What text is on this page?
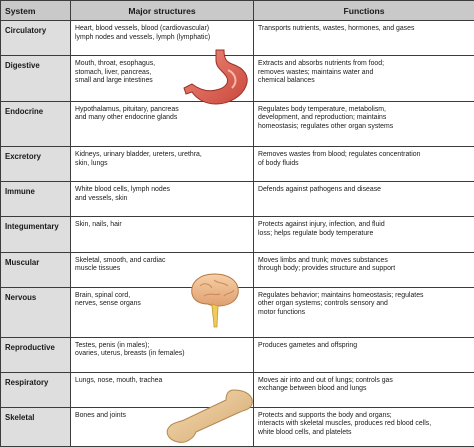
System	Major structures	Functions

Circulatory	Heart, blood vessels, blood (cardiovascular)
lymph nodes and vessels, lymph (lymphatic)	Transports nutrients, wastes, hormones, and gases

Digestive	Mouth, throat, esophagus,
stomach, liver, pancreas,
small and large intestines	Extracts and absorbs nutrients from food;
removes wastes; maintains water and
chemical balances

Endocrine	Hypothalamus, pituitary, pancreas
and many other endocrine glands	Regulates body temperature, metabolism,
development, and reproduction; maintains
homeostasis; regulates other organ systems

Excretory	Kidneys, urinary bladder, ureters, urethra,
skin, lungs	Removes wastes from blood; regulates concentration
of body fluids

Immune	White blood cells, lymph nodes
and vessels, skin	Defends against pathogens and disease

Integumentary	Skin, nails, hair	Protects against injury, infection, and fluid
loss; helps regulate body temperature

Muscular	Skeletal, smooth, and cardiac
muscle tissues	Moves limbs and trunk; moves substances
through body; provides structure and support

Nervous	Brain, spinal cord,
nerves, sense organs	Regulates behavior; maintains homeostasis; regulates
other organ systems; controls sensory and
motor functions

Reproductive	Testes, penis (in males);
ovaries, uterus, breasts (in females)	Produces gametes and offspring

Respiratory	Lungs, nose, mouth, trachea	Moves air into and out of lungs; controls gas
exchange between blood and lungs

Skeletal	Bones and joints	Protects and supports the body and organs;
interacts with skeletal muscles, produces red blood cells,
white blood cells, and platelets
